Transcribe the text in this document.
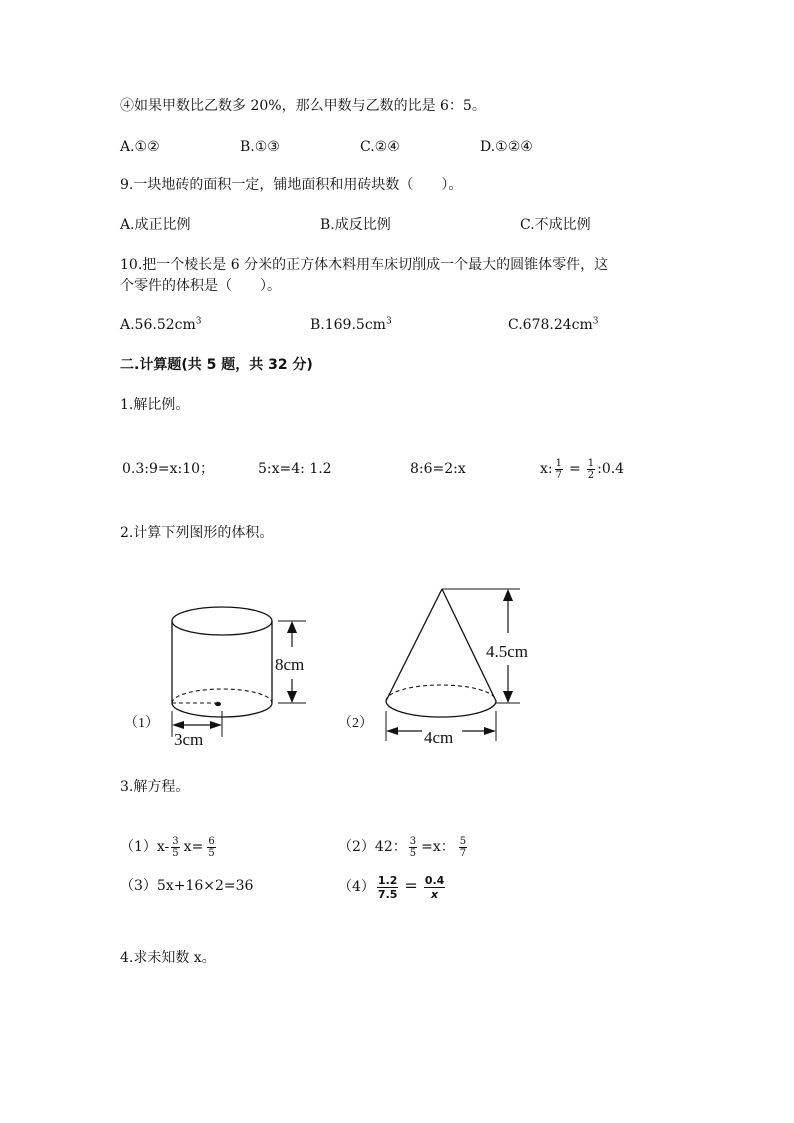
④如果甲数比乙数多 20%，那么甲数与乙数的比是 6：5。
A.①②	B.①③	C.②④	D.①②④
9.一块地砖的面积一定，铺地面积和用砖块数（　　）。
A.成正比例	B.成反比例	C.不成比例
10.把一个棱长是 6 分米的正方体木料用车床切削成一个最大的圆锥体零件，这
个零件的体积是（　　）。
$A.56.52cm^3$	$B.169.5cm^3$	$C.678.24cm^3$
二.计算题(共 5 题，共 32 分)
1.解比例。
0.3:9=x:10；	5:x=4: 1.2	8:6=2:x	x: $\frac{1}{7} = \frac{1}{2}$ :0.4
2.计算下列图形的体积。
（1）
8cm
3cm
（2）
4.5cm
4cm
3.解方程。
$(1)x- \frac{3}{5} x= \frac{6}{5}$	（2）42： $\frac{3}{5} =x$： $\frac{5}{7}$
（3）5x+16×2=36	$(4) \frac{1.2}{7.5} = \frac{0.4}{x}$
4.求未知数 x。
